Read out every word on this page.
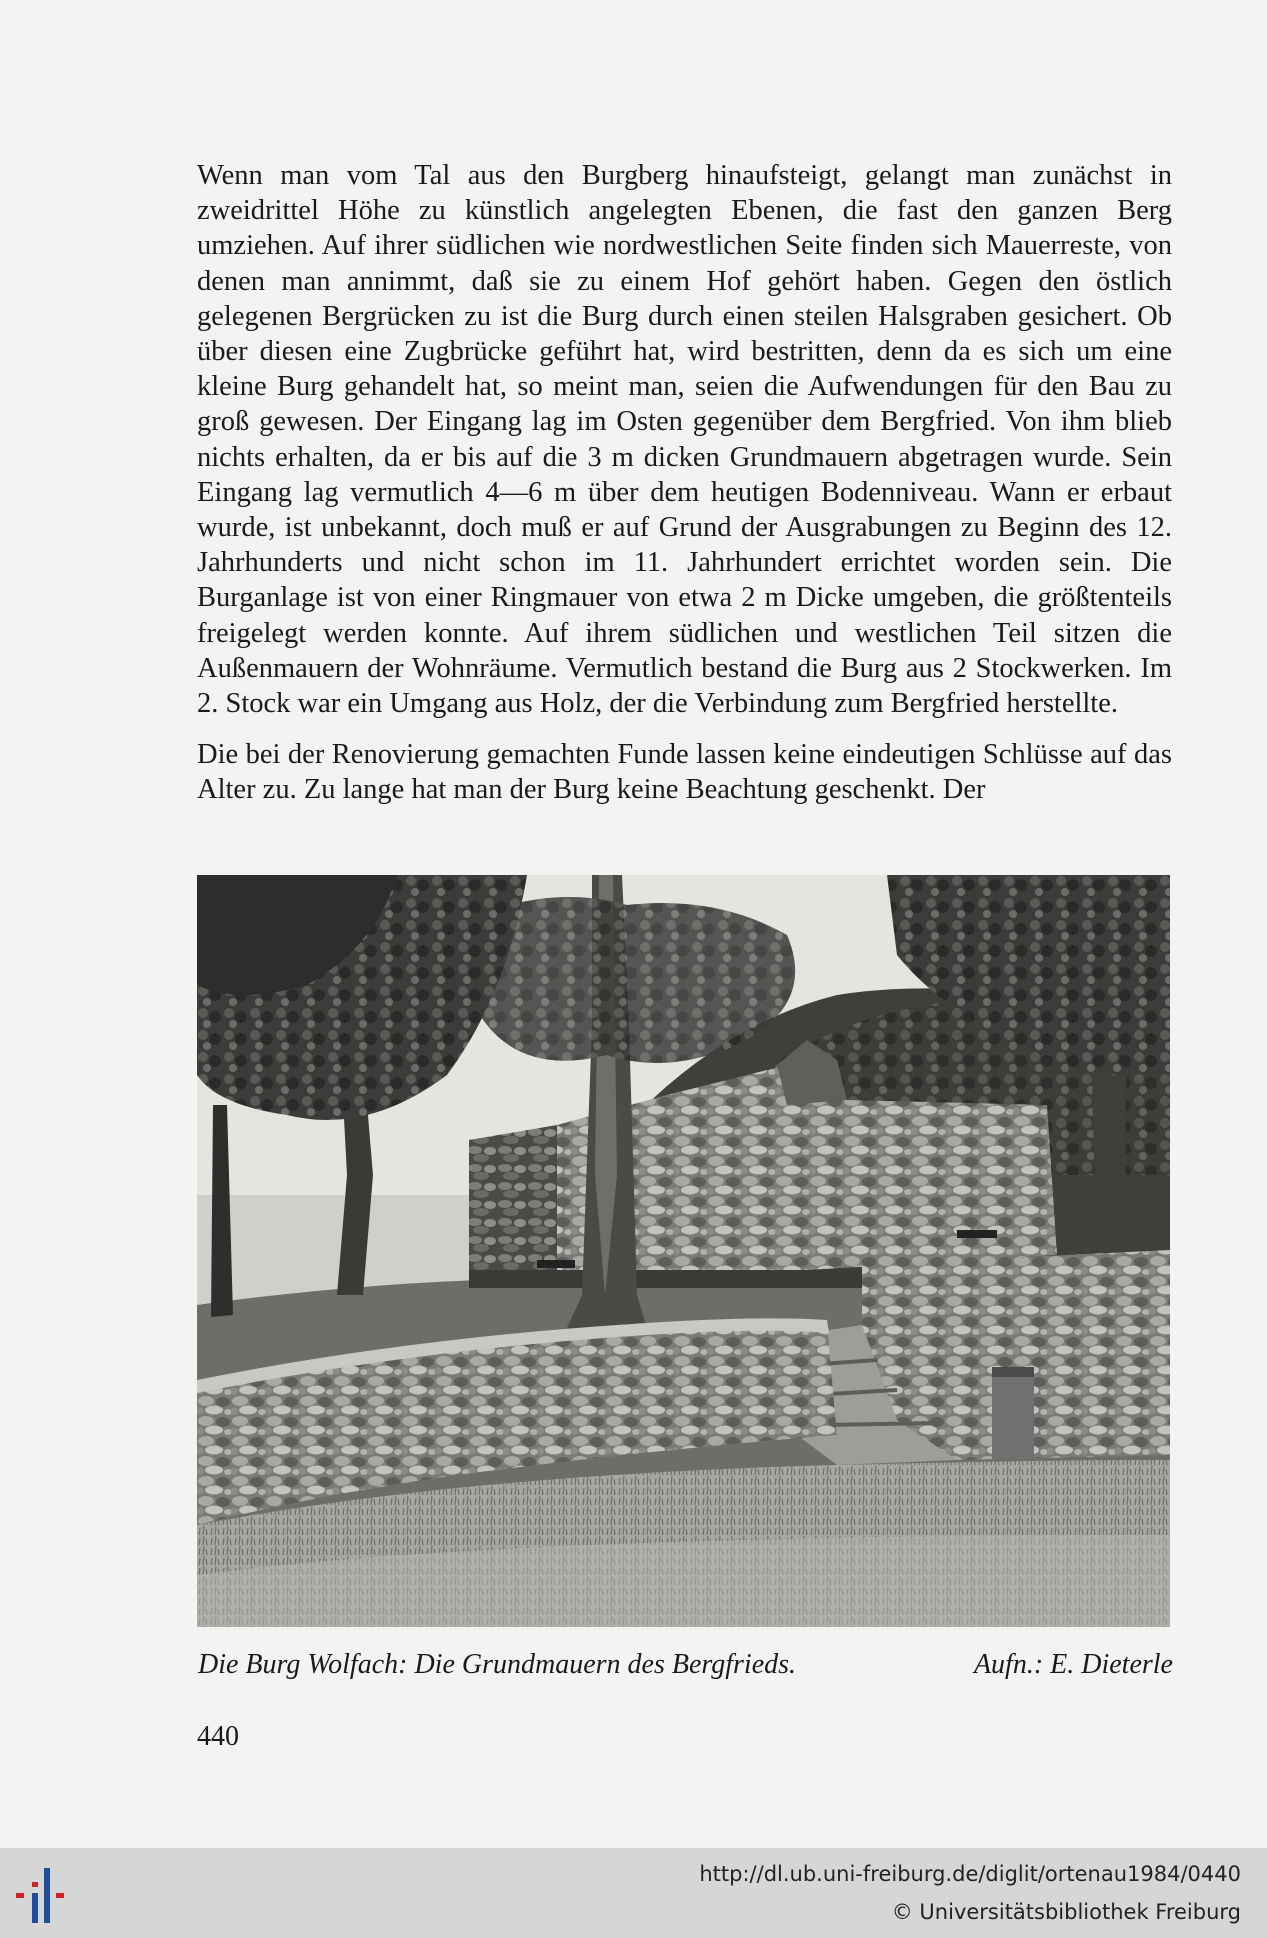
Wenn man vom Tal aus den Burgberg hinaufsteigt, gelangt man zunächst in zweidrittel Höhe zu künstlich angelegten Ebenen, die fast den ganzen Berg umziehen. Auf ihrer südlichen wie nordwestlichen Seite finden sich Mauerreste, von denen man annimmt, daß sie zu einem Hof gehört haben. Gegen den östlich gelegenen Bergrücken zu ist die Burg durch einen steilen Halsgraben gesichert. Ob über diesen eine Zugbrücke geführt hat, wird bestritten, denn da es sich um eine kleine Burg gehandelt hat, so meint man, seien die Aufwendungen für den Bau zu groß gewesen. Der Eingang lag im Osten gegenüber dem Bergfried. Von ihm blieb nichts erhalten, da er bis auf die 3 m dicken Grundmauern abgetragen wurde. Sein Eingang lag vermutlich 4—6 m über dem heutigen Bodenniveau. Wann er erbaut wurde, ist unbekannt, doch muß er auf Grund der Ausgrabungen zu Beginn des 12. Jahrhunderts und nicht schon im 11. Jahrhundert errichtet worden sein. Die Burganlage ist von einer Ringmauer von etwa 2 m Dicke umgeben, die größtenteils freigelegt werden konnte. Auf ihrem südlichen und westlichen Teil sitzen die Außenmauern der Wohnräume. Vermutlich bestand die Burg aus 2 Stockwerken. Im 2. Stock war ein Umgang aus Holz, der die Verbindung zum Bergfried herstellte.

Die bei der Renovierung gemachten Funde lassen keine eindeutigen Schlüsse auf das Alter zu. Zu lange hat man der Burg keine Beachtung geschenkt. Der

Die Burg Wolfach: Die Grundmauern des Bergfrieds.	Aufn.: E. Dieterle
440
http://dl.ub.uni-freiburg.de/diglit/ortenau1984/0440
© Universitätsbibliothek Freiburg
